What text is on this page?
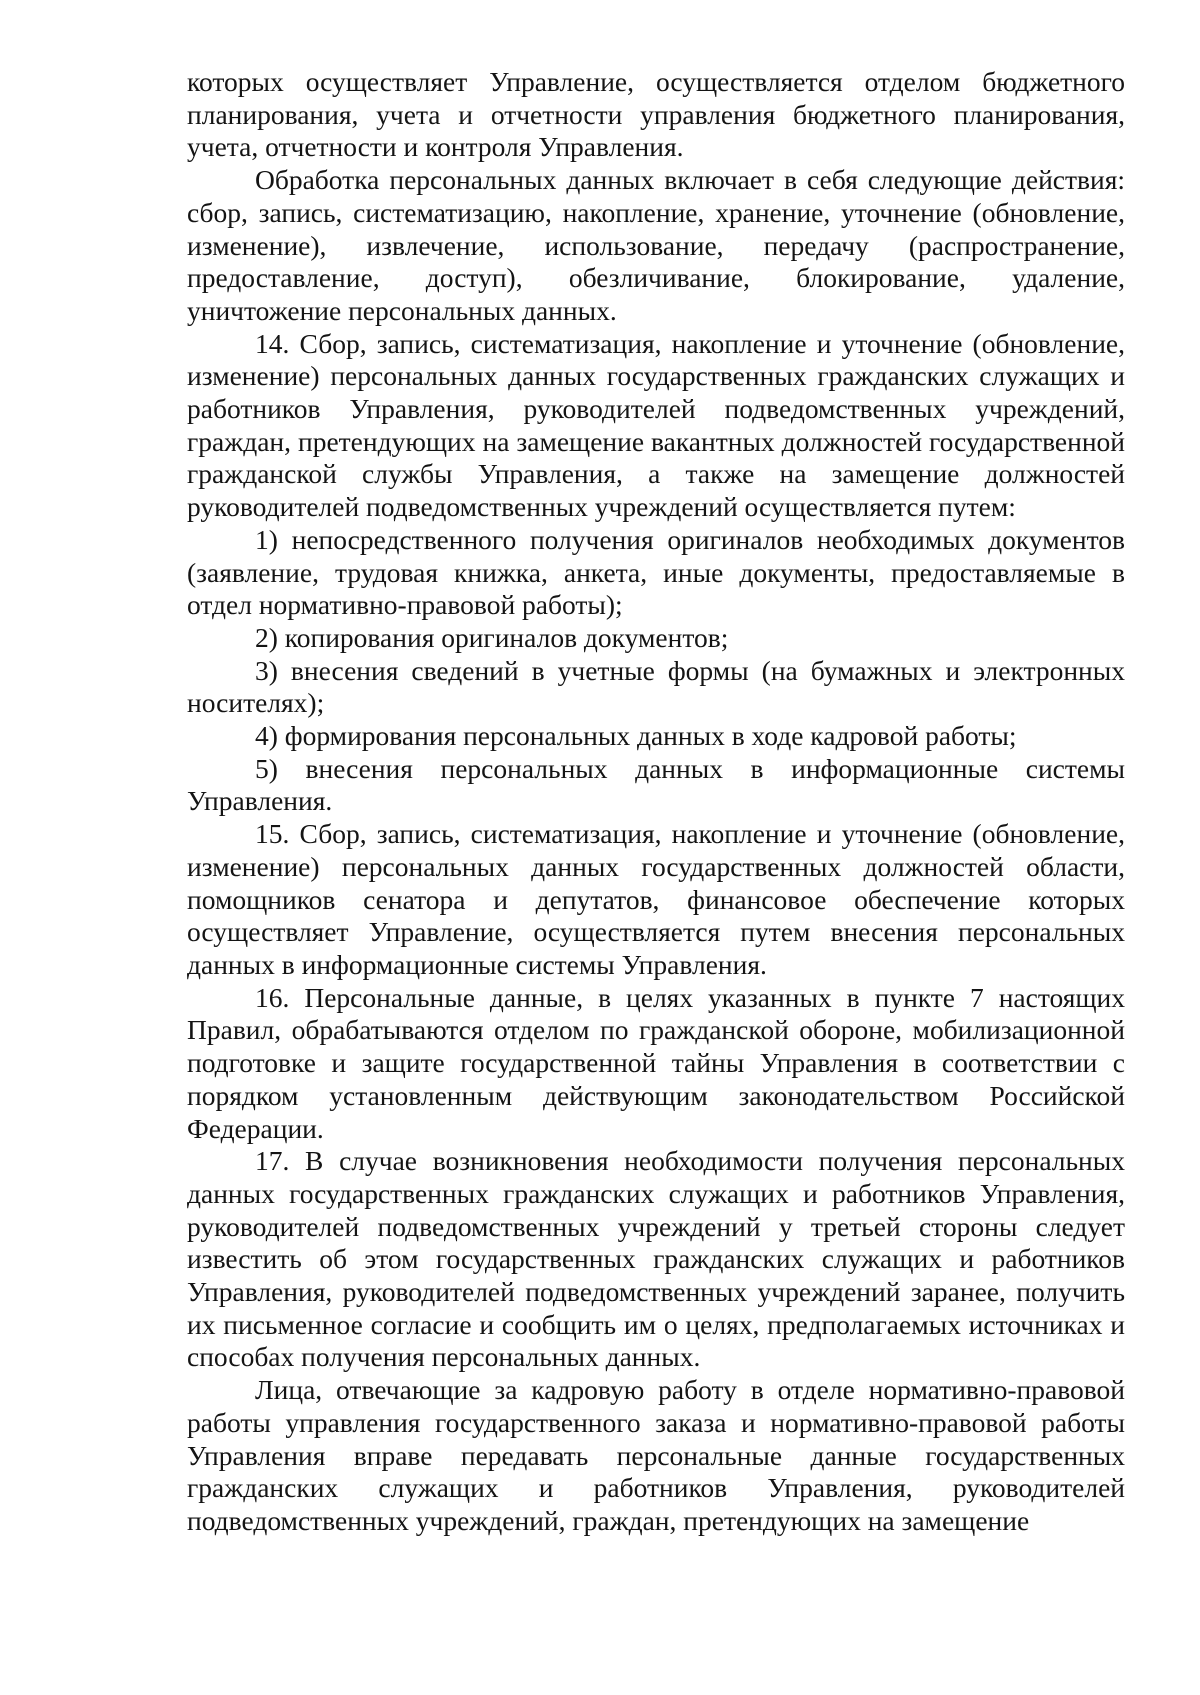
которых осуществляет Управление, осуществляется отделом бюджетного планирования, учета и отчетности управления бюджетного планирования, учета, отчетности и контроля Управления.

Обработка персональных данных включает в себя следующие действия: сбор, запись, систематизацию, накопление, хранение, уточнение (обновление, изменение), извлечение, использование, передачу (распространение, предоставление, доступ), обезличивание, блокирование, удаление, уничтожение персональных данных.

14. Сбор, запись, систематизация, накопление и уточнение (обновление, изменение) персональных данных государственных гражданских служащих и работников Управления, руководителей подведомственных учреждений, граждан, претендующих на замещение вакантных должностей государственной гражданской службы Управления, а также на замещение должностей руководителей подведомственных учреждений осуществляется путем:

1) непосредственного получения оригиналов необходимых документов (заявление, трудовая книжка, анкета, иные документы, предоставляемые в отдел нормативно-правовой работы);

2) копирования оригиналов документов;

3) внесения сведений в учетные формы (на бумажных и электронных носителях);

4) формирования персональных данных в ходе кадровой работы;

5) внесения персональных данных в информационные системы Управления.

15. Сбор, запись, систематизация, накопление и уточнение (обновление, изменение) персональных данных государственных должностей области, помощников сенатора и депутатов, финансовое обеспечение которых осуществляет Управление, осуществляется путем внесения персональных данных в информационные системы Управления.

16. Персональные данные, в целях указанных в пункте 7 настоящих Правил, обрабатываются отделом по гражданской обороне, мобилизационной подготовке и защите государственной тайны Управления в соответствии с порядком установленным действующим законодательством Российской Федерации.

17. В случае возникновения необходимости получения персональных данных государственных гражданских служащих и работников Управления, руководителей подведомственных учреждений у третьей стороны следует известить об этом государственных гражданских служащих и работников Управления, руководителей подведомственных учреждений заранее, получить их письменное согласие и сообщить им о целях, предполагаемых источниках и способах получения персональных данных.

Лица, отвечающие за кадровую работу в отделе нормативно-правовой работы управления государственного заказа и нормативно-правовой работы Управления вправе передавать персональные данные государственных гражданских служащих и работников Управления, руководителей подведомственных учреждений, граждан, претендующих на замещение
